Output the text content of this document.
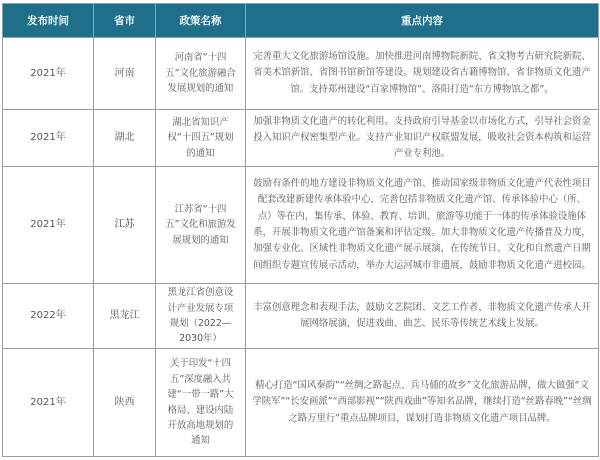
发布时间	省市	政策名称	重点内容
2021年	河南	河南省“十四五”文化旅游融合发展规划的通知	完善重大文化旅游场馆设施。加快推进河南博物院新院、省文物考古研究院新院、省美术馆新馆、省图书馆新馆等建设。规划建设省古籍博物馆、省非物质文化遗产馆。支持郑州建设“百家博物馆”、洛阳打造“东方博物馆之都”。
2021年	湖北	湖北省知识产权“十四五”规划的通知	加强非物质文化遗产的转化利用。支持政府引导基金以市场化方式，引导社会资金投入知识产权密集型产业。支持产业知识产权联盟发展，吸收社会资本构筑和运营产业专利池。
2021年	江苏	江苏省“十四五”文化和旅游发展规划的通知	鼓励有条件的地方建设非物质文化遗产馆、推动国家级非物质文化遗产代表性项目配套改建新建传承体验中心，完善包括非物质文化遗产馆、传承体验中心（所、点）等在内，集传承、体验、教育、培训、旅游等功能于一体的传承体验设施体系，开展非物质文化遗产馆备案和评估定级。加大非物质文化遗产传播普及力度，加强专业化、区域性非物质文化遗产展示展演，在传统节日、文化和自然遗产日期间组织专题宣传展示活动，举办大运河城市非遗展，鼓励非物质文化遗产进校园。
2022年	黑龙江	黑龙江省创意设计产业发展专项规划（2022—2030年）	丰富创意理念和表现手法，鼓励文艺院团、文艺工作者、非物质文化遗产传承人开展网络展演，促进戏曲、曲艺、民乐等传统艺术线上发展。
2021年	陕西	关于印发“十四五”深度融入共建“一带一路”大格局、建设内陆开放高地规划的通知	精心打造“国风秦韵”“丝绸之路起点、兵马俑的故乡”文化旅游品牌，做大做强“文学陕军”“长安画派”“西部影视”“陕西戏曲”等知名品牌，继续打造“丝路春晚”“丝绸之路万里行”重点品牌项目，谋划打造非物质文化遗产项目品牌。
